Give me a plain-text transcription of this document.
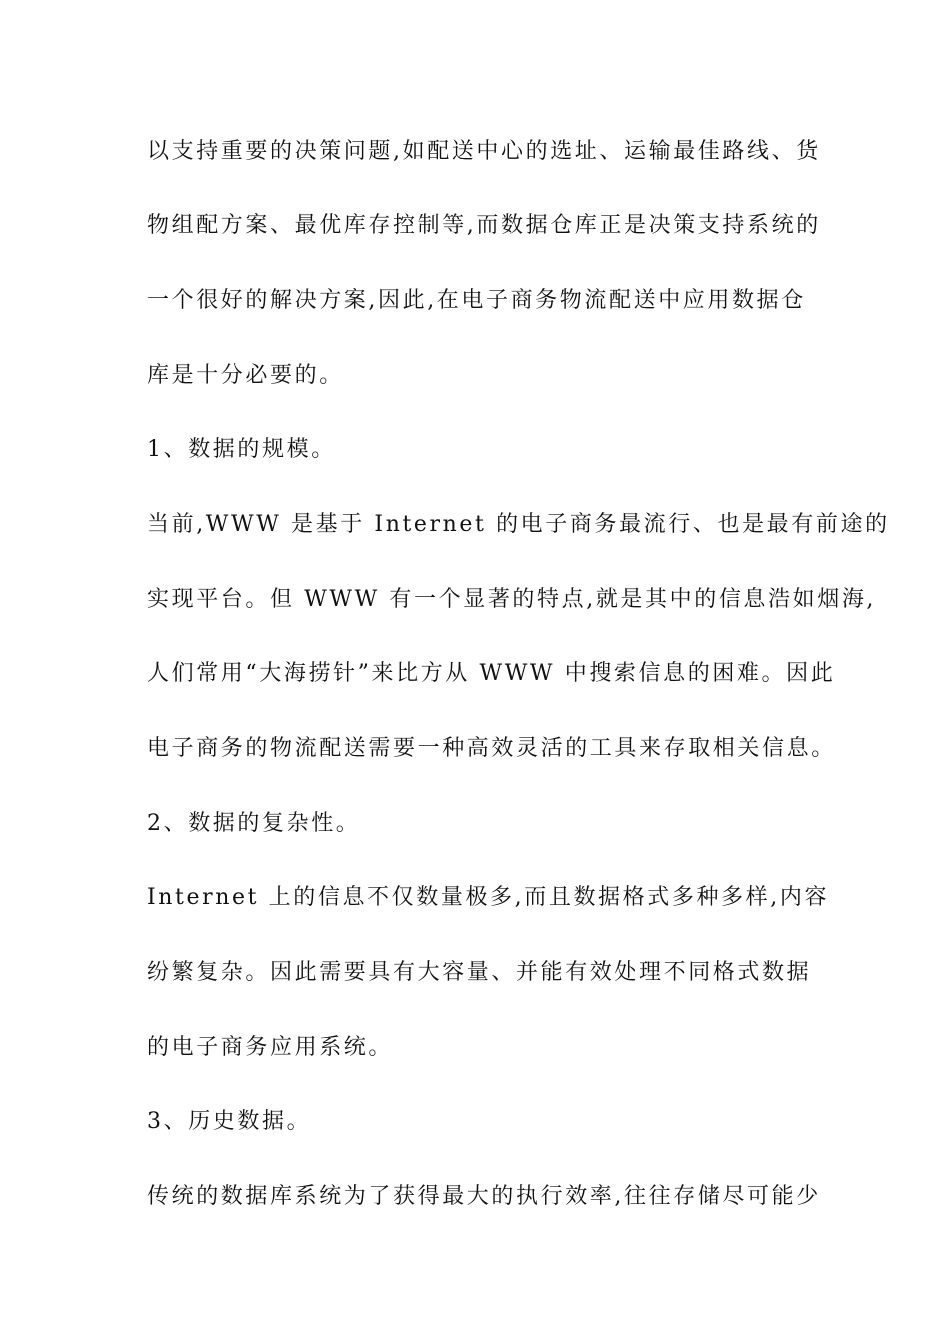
以支持重要的决策问题,如配送中心的选址、运输最佳路线、货
物组配方案、最优库存控制等,而数据仓库正是决策支持系统的
一个很好的解决方案,因此,在电子商务物流配送中应用数据仓
库是十分必要的。
1、数据的规模。
当前,WWW 是基于 Internet 的电子商务最流行、也是最有前途的
实现平台。但 WWW 有一个显著的特点,就是其中的信息浩如烟海,
人们常用“大海捞针”来比方从 WWW 中搜索信息的困难。因此
电子商务的物流配送需要一种高效灵活的工具来存取相关信息。
2、数据的复杂性。
Internet 上的信息不仅数量极多,而且数据格式多种多样,内容
纷繁复杂。因此需要具有大容量、并能有效处理不同格式数据
的电子商务应用系统。
3、历史数据。
传统的数据库系统为了获得最大的执行效率,往往存储尽可能少
